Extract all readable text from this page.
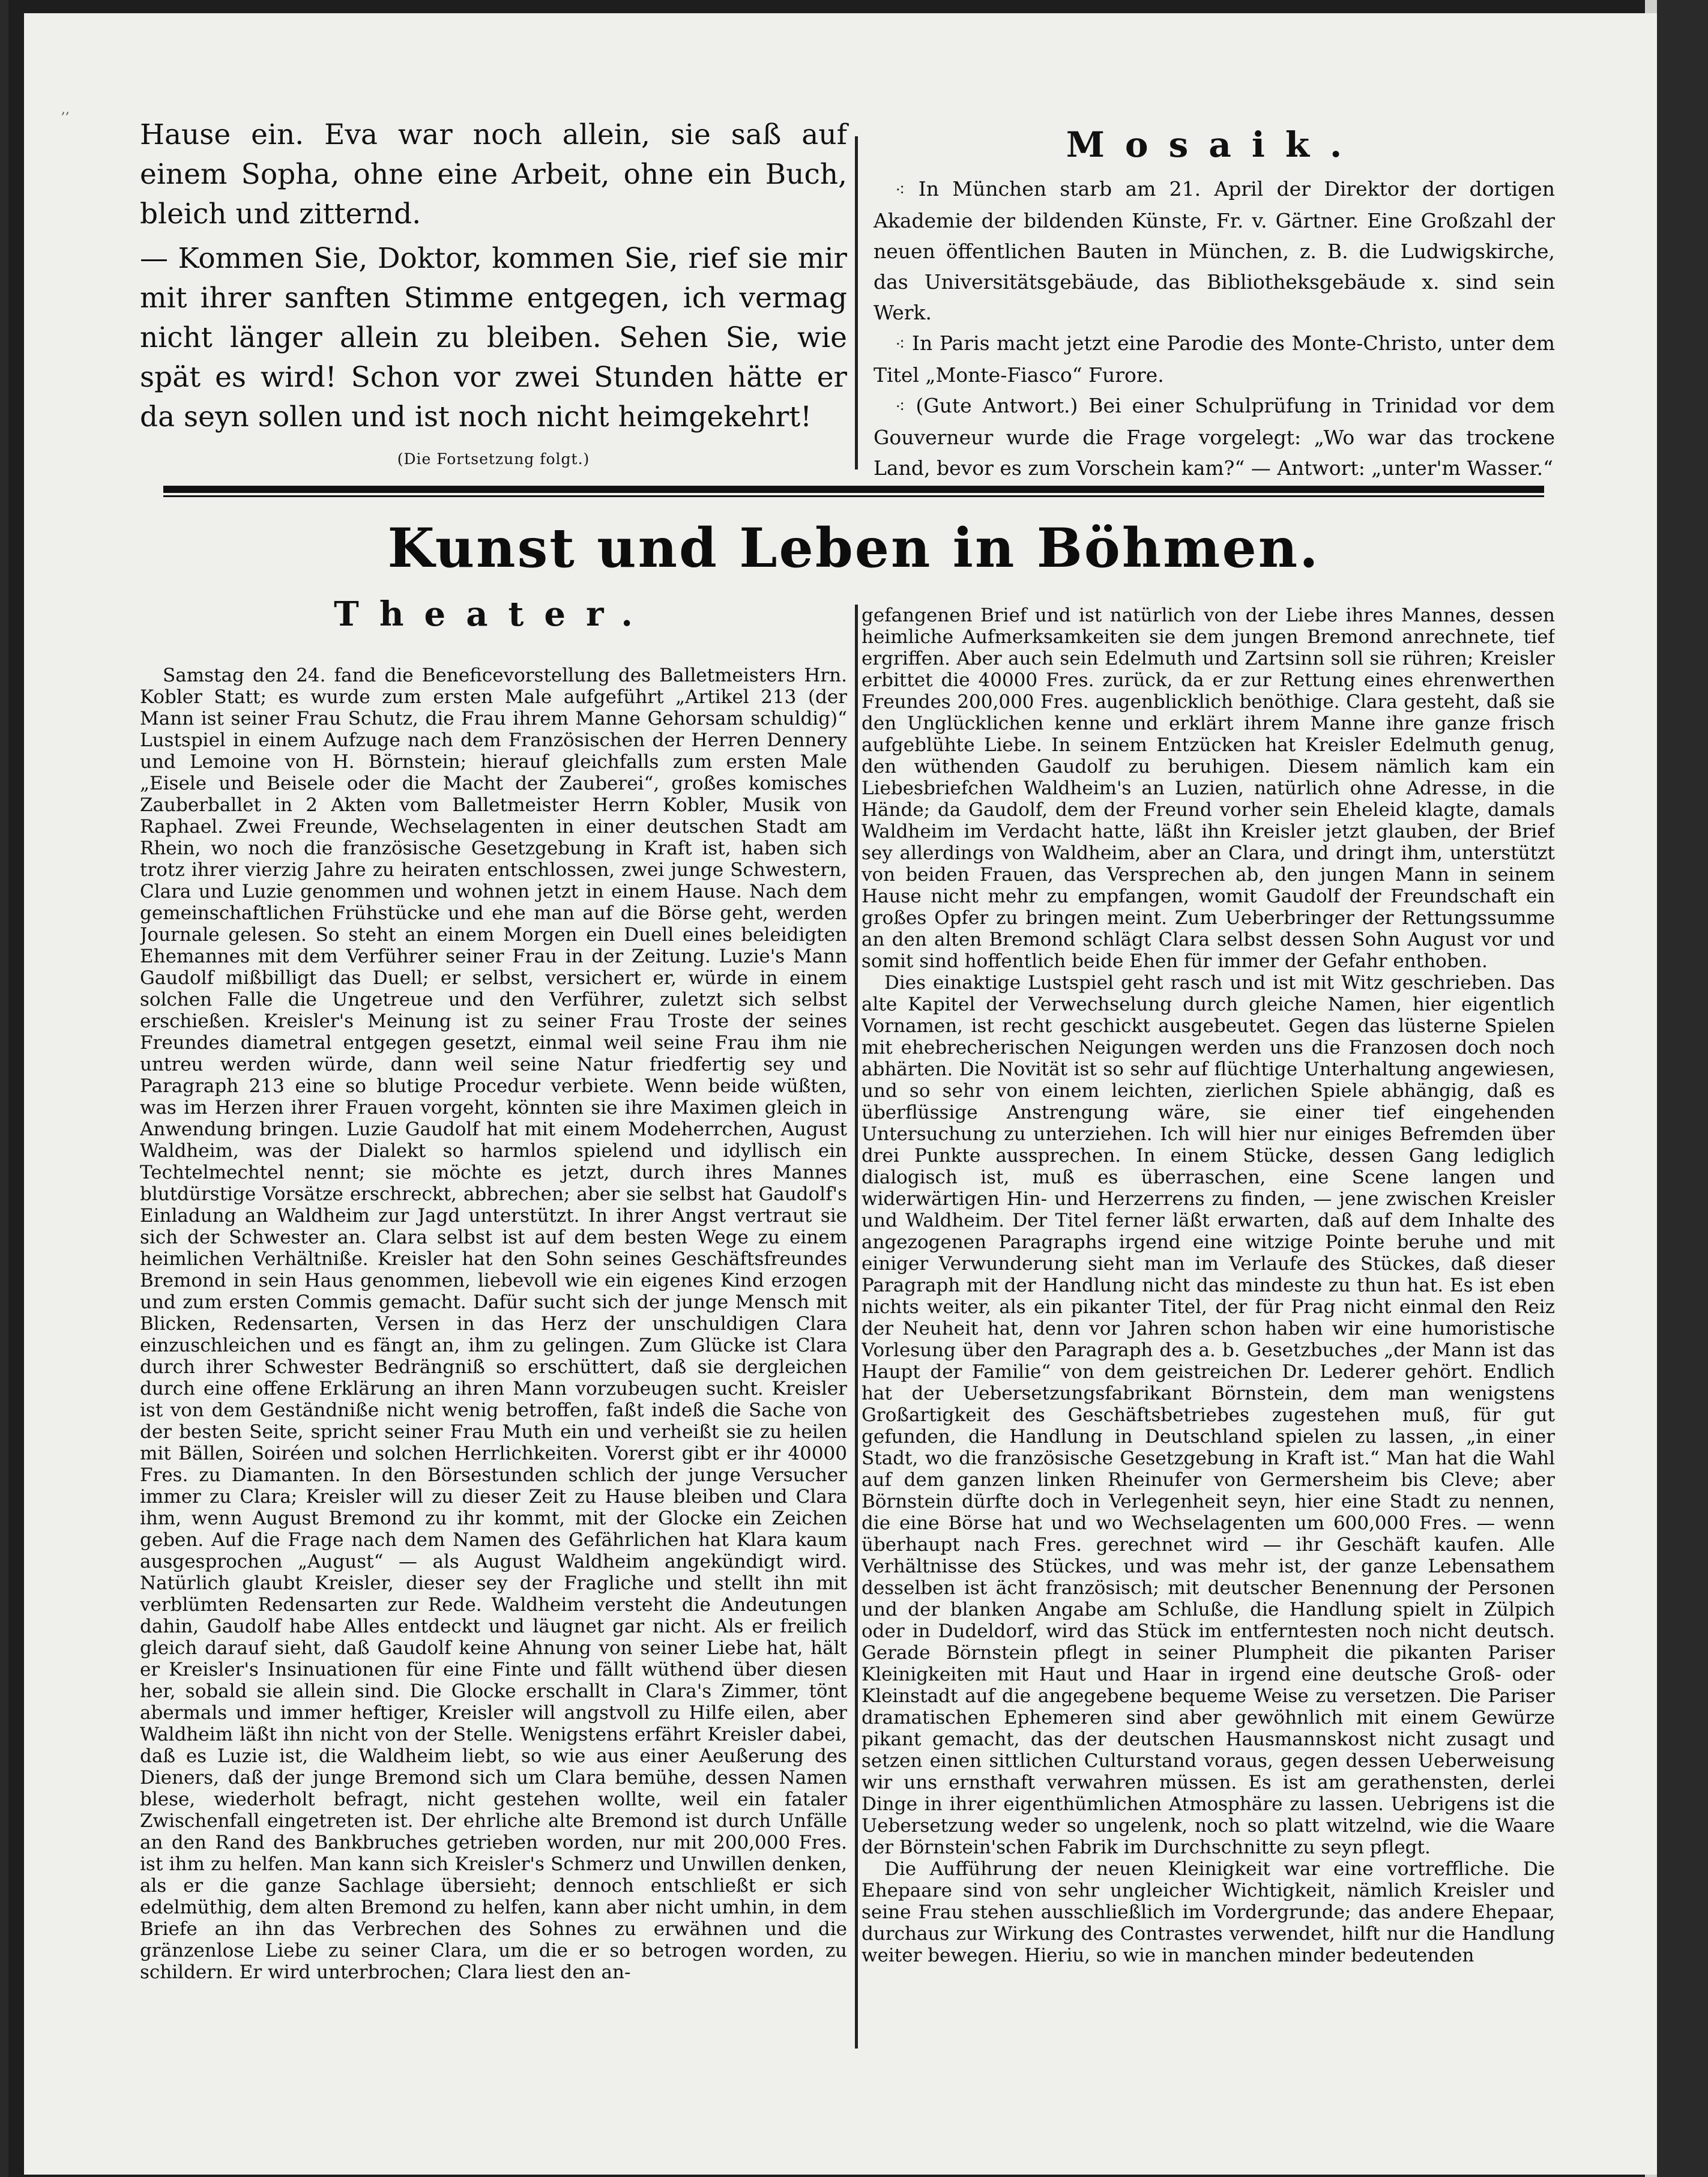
,,

Hause ein. Eva war noch allein, sie saß auf einem Sopha, ohne eine Arbeit, ohne ein Buch, bleich und zitternd.

— Kommen Sie, Doktor, kommen Sie, rief sie mir mit ihrer sanften Stimme entgegen, ich vermag nicht länger allein zu bleiben. Sehen Sie, wie spät es wird! Schon vor zwei Stunden hätte er da seyn sollen und ist noch nicht heimgekehrt!

(Die Fortsetzung folgt.)
Mosaik.

⁖ In München starb am 21. April der Direktor der dortigen Akademie der bildenden Künste, Fr. v. Gärtner. Eine Großzahl der neuen öffentlichen Bauten in München, z. B. die Ludwigskirche, das Universitätsgebäude, das Bibliotheksgebäude x. sind sein Werk.

⁖ In Paris macht jetzt eine Parodie des Monte-Christo, unter dem Titel „Monte-Fiasco“ Furore.

⁖ (Gute Antwort.) Bei einer Schulprüfung in Trinidad vor dem Gouverneur wurde die Frage vorgelegt: „Wo war das trockene Land, bevor es zum Vorschein kam?“ — Antwort: „unter'm Wasser.“

Kunst und Leben in Böhmen.
Theater.

Samstag den 24. fand die Beneficevorstellung des Balletmeisters Hrn. Kobler Statt; es wurde zum ersten Male aufgeführt „Artikel 213 (der Mann ist seiner Frau Schutz, die Frau ihrem Manne Gehorsam schuldig)“ Lustspiel in einem Aufzuge nach dem Französischen der Herren Dennery und Lemoine von H. Börnstein; hierauf gleichfalls zum ersten Male „Eisele und Beisele oder die Macht der Zauberei“, großes komisches Zauberballet in 2 Akten vom Balletmeister Herrn Kobler, Musik von Raphael. Zwei Freunde, Wechselagenten in einer deutschen Stadt am Rhein, wo noch die französische Gesetzgebung in Kraft ist, haben sich trotz ihrer vierzig Jahre zu heiraten entschlossen, zwei junge Schwestern, Clara und Luzie genommen und wohnen jetzt in einem Hause. Nach dem gemeinschaftlichen Frühstücke und ehe man auf die Börse geht, werden Journale gelesen. So steht an einem Morgen ein Duell eines beleidigten Ehemannes mit dem Verführer seiner Frau in der Zeitung. Luzie's Mann Gaudolf mißbilligt das Duell; er selbst, versichert er, würde in einem solchen Falle die Ungetreue und den Verführer, zuletzt sich selbst erschießen. Kreisler's Meinung ist zu seiner Frau Troste der seines Freundes diametral entgegen gesetzt, einmal weil seine Frau ihm nie untreu werden würde, dann weil seine Natur friedfertig sey und Paragraph 213 eine so blutige Procedur verbiete. Wenn beide wüßten, was im Herzen ihrer Frauen vorgeht, könnten sie ihre Maximen gleich in Anwendung bringen. Luzie Gaudolf hat mit einem Modeherrchen, August Waldheim, was der Dialekt so harmlos spielend und idyllisch ein Techtelmechtel nennt; sie möchte es jetzt, durch ihres Mannes blutdürstige Vorsätze erschreckt, abbrechen; aber sie selbst hat Gaudolf's Einladung an Waldheim zur Jagd unterstützt. In ihrer Angst vertraut sie sich der Schwester an. Clara selbst ist auf dem besten Wege zu einem heimlichen Verhältniße. Kreisler hat den Sohn seines Geschäftsfreundes Bremond in sein Haus genommen, liebevoll wie ein eigenes Kind erzogen und zum ersten Commis gemacht. Dafür sucht sich der junge Mensch mit Blicken, Redensarten, Versen in das Herz der unschuldigen Clara einzuschleichen und es fängt an, ihm zu gelingen. Zum Glücke ist Clara durch ihrer Schwester Bedrängniß so erschüttert, daß sie dergleichen durch eine offene Erklärung an ihren Mann vorzubeugen sucht. Kreisler ist von dem Geständniße nicht wenig betroffen, faßt indeß die Sache von der besten Seite, spricht seiner Frau Muth ein und verheißt sie zu heilen mit Bällen, Soiréen und solchen Herrlichkeiten. Vorerst gibt er ihr 40000 Fres. zu Diamanten. In den Börsestunden schlich der junge Versucher immer zu Clara; Kreisler will zu dieser Zeit zu Hause bleiben und Clara ihm, wenn August Bremond zu ihr kommt, mit der Glocke ein Zeichen geben. Auf die Frage nach dem Namen des Gefährlichen hat Klara kaum ausgesprochen „August“ — als August Waldheim angekündigt wird. Natürlich glaubt Kreisler, dieser sey der Fragliche und stellt ihn mit verblümten Redensarten zur Rede. Waldheim versteht die Andeutungen dahin, Gaudolf habe Alles entdeckt und läugnet gar nicht. Als er freilich gleich darauf sieht, daß Gaudolf keine Ahnung von seiner Liebe hat, hält er Kreisler's Insinuationen für eine Finte und fällt wüthend über diesen her, sobald sie allein sind. Die Glocke erschallt in Clara's Zimmer, tönt abermals und immer heftiger, Kreisler will angstvoll zu Hilfe eilen, aber Waldheim läßt ihn nicht von der Stelle. Wenigstens erfährt Kreisler dabei, daß es Luzie ist, die Waldheim liebt, so wie aus einer Aeußerung des Dieners, daß der junge Bremond sich um Clara bemühe, dessen Namen blese, wiederholt befragt, nicht gestehen wollte, weil ein fataler Zwischenfall eingetreten ist. Der ehrliche alte Bremond ist durch Unfälle an den Rand des Bankbruches getrieben worden, nur mit 200,000 Fres. ist ihm zu helfen. Man kann sich Kreisler's Schmerz und Unwillen denken, als er die ganze Sachlage übersieht; dennoch entschließt er sich edelmüthig, dem alten Bremond zu helfen, kann aber nicht umhin, in dem Briefe an ihn das Verbrechen des Sohnes zu erwähnen und die gränzenlose Liebe zu seiner Clara, um die er so betrogen worden, zu schildern. Er wird unterbrochen; Clara liest den an-

gefangenen Brief und ist natürlich von der Liebe ihres Mannes, dessen heimliche Aufmerksamkeiten sie dem jungen Bremond anrechnete, tief ergriffen. Aber auch sein Edelmuth und Zartsinn soll sie rühren; Kreisler erbittet die 40000 Fres. zurück, da er zur Rettung eines ehrenwerthen Freundes 200,000 Fres. augenblicklich benöthige. Clara gesteht, daß sie den Unglücklichen kenne und erklärt ihrem Manne ihre ganze frisch aufgeblühte Liebe. In seinem Entzücken hat Kreisler Edelmuth genug, den wüthenden Gaudolf zu beruhigen. Diesem nämlich kam ein Liebesbriefchen Waldheim's an Luzien, natürlich ohne Adresse, in die Hände; da Gaudolf, dem der Freund vorher sein Eheleid klagte, damals Waldheim im Verdacht hatte, läßt ihn Kreisler jetzt glauben, der Brief sey allerdings von Waldheim, aber an Clara, und dringt ihm, unterstützt von beiden Frauen, das Versprechen ab, den jungen Mann in seinem Hause nicht mehr zu empfangen, womit Gaudolf der Freundschaft ein großes Opfer zu bringen meint. Zum Ueberbringer der Rettungssumme an den alten Bremond schlägt Clara selbst dessen Sohn August vor und somit sind hoffentlich beide Ehen für immer der Gefahr enthoben.

Dies einaktige Lustspiel geht rasch und ist mit Witz geschrieben. Das alte Kapitel der Verwechselung durch gleiche Namen, hier eigentlich Vornamen, ist recht geschickt ausgebeutet. Gegen das lüsterne Spielen mit ehebrecherischen Neigungen werden uns die Franzosen doch noch abhärten. Die Novität ist so sehr auf flüchtige Unterhaltung angewiesen, und so sehr von einem leichten, zierlichen Spiele abhängig, daß es überflüssige Anstrengung wäre, sie einer tief eingehenden Untersuchung zu unterziehen. Ich will hier nur einiges Befremden über drei Punkte aussprechen. In einem Stücke, dessen Gang lediglich dialogisch ist, muß es überraschen, eine Scene langen und widerwärtigen Hin- und Herzerrens zu finden, — jene zwischen Kreisler und Waldheim. Der Titel ferner läßt erwarten, daß auf dem Inhalte des angezogenen Paragraphs irgend eine witzige Pointe beruhe und mit einiger Verwunderung sieht man im Verlaufe des Stückes, daß dieser Paragraph mit der Handlung nicht das mindeste zu thun hat. Es ist eben nichts weiter, als ein pikanter Titel, der für Prag nicht einmal den Reiz der Neuheit hat, denn vor Jahren schon haben wir eine humoristische Vorlesung über den Paragraph des a. b. Gesetzbuches „der Mann ist das Haupt der Familie“ von dem geistreichen Dr. Lederer gehört. Endlich hat der Uebersetzungsfabrikant Börnstein, dem man wenigstens Großartigkeit des Geschäftsbetriebes zugestehen muß, für gut gefunden, die Handlung in Deutschland spielen zu lassen, „in einer Stadt, wo die französische Gesetzgebung in Kraft ist.“ Man hat die Wahl auf dem ganzen linken Rheinufer von Germersheim bis Cleve; aber Börnstein dürfte doch in Verlegenheit seyn, hier eine Stadt zu nennen, die eine Börse hat und wo Wechselagenten um 600,000 Fres. — wenn überhaupt nach Fres. gerechnet wird — ihr Geschäft kaufen. Alle Verhältnisse des Stückes, und was mehr ist, der ganze Lebensathem desselben ist ächt französisch; mit deutscher Benennung der Personen und der blanken Angabe am Schluße, die Handlung spielt in Zülpich oder in Dudeldorf, wird das Stück im entferntesten noch nicht deutsch. Gerade Börnstein pflegt in seiner Plumpheit die pikanten Pariser Kleinigkeiten mit Haut und Haar in irgend eine deutsche Groß- oder Kleinstadt auf die angegebene bequeme Weise zu versetzen. Die Pariser dramatischen Ephemeren sind aber gewöhnlich mit einem Gewürze pikant gemacht, das der deutschen Hausmannskost nicht zusagt und setzen einen sittlichen Culturstand voraus, gegen dessen Ueberweisung wir uns ernsthaft verwahren müssen. Es ist am gerathensten, derlei Dinge in ihrer eigenthümlichen Atmosphäre zu lassen. Uebrigens ist die Uebersetzung weder so ungelenk, noch so platt witzelnd, wie die Waare der Börnstein'schen Fabrik im Durchschnitte zu seyn pflegt.

Die Aufführung der neuen Kleinigkeit war eine vortreffliche. Die Ehepaare sind von sehr ungleicher Wichtigkeit, nämlich Kreisler und seine Frau stehen ausschließlich im Vordergrunde; das andere Ehepaar, durchaus zur Wirkung des Contrastes verwendet, hilft nur die Handlung weiter bewegen. Hieriu, so wie in manchen minder bedeutenden
